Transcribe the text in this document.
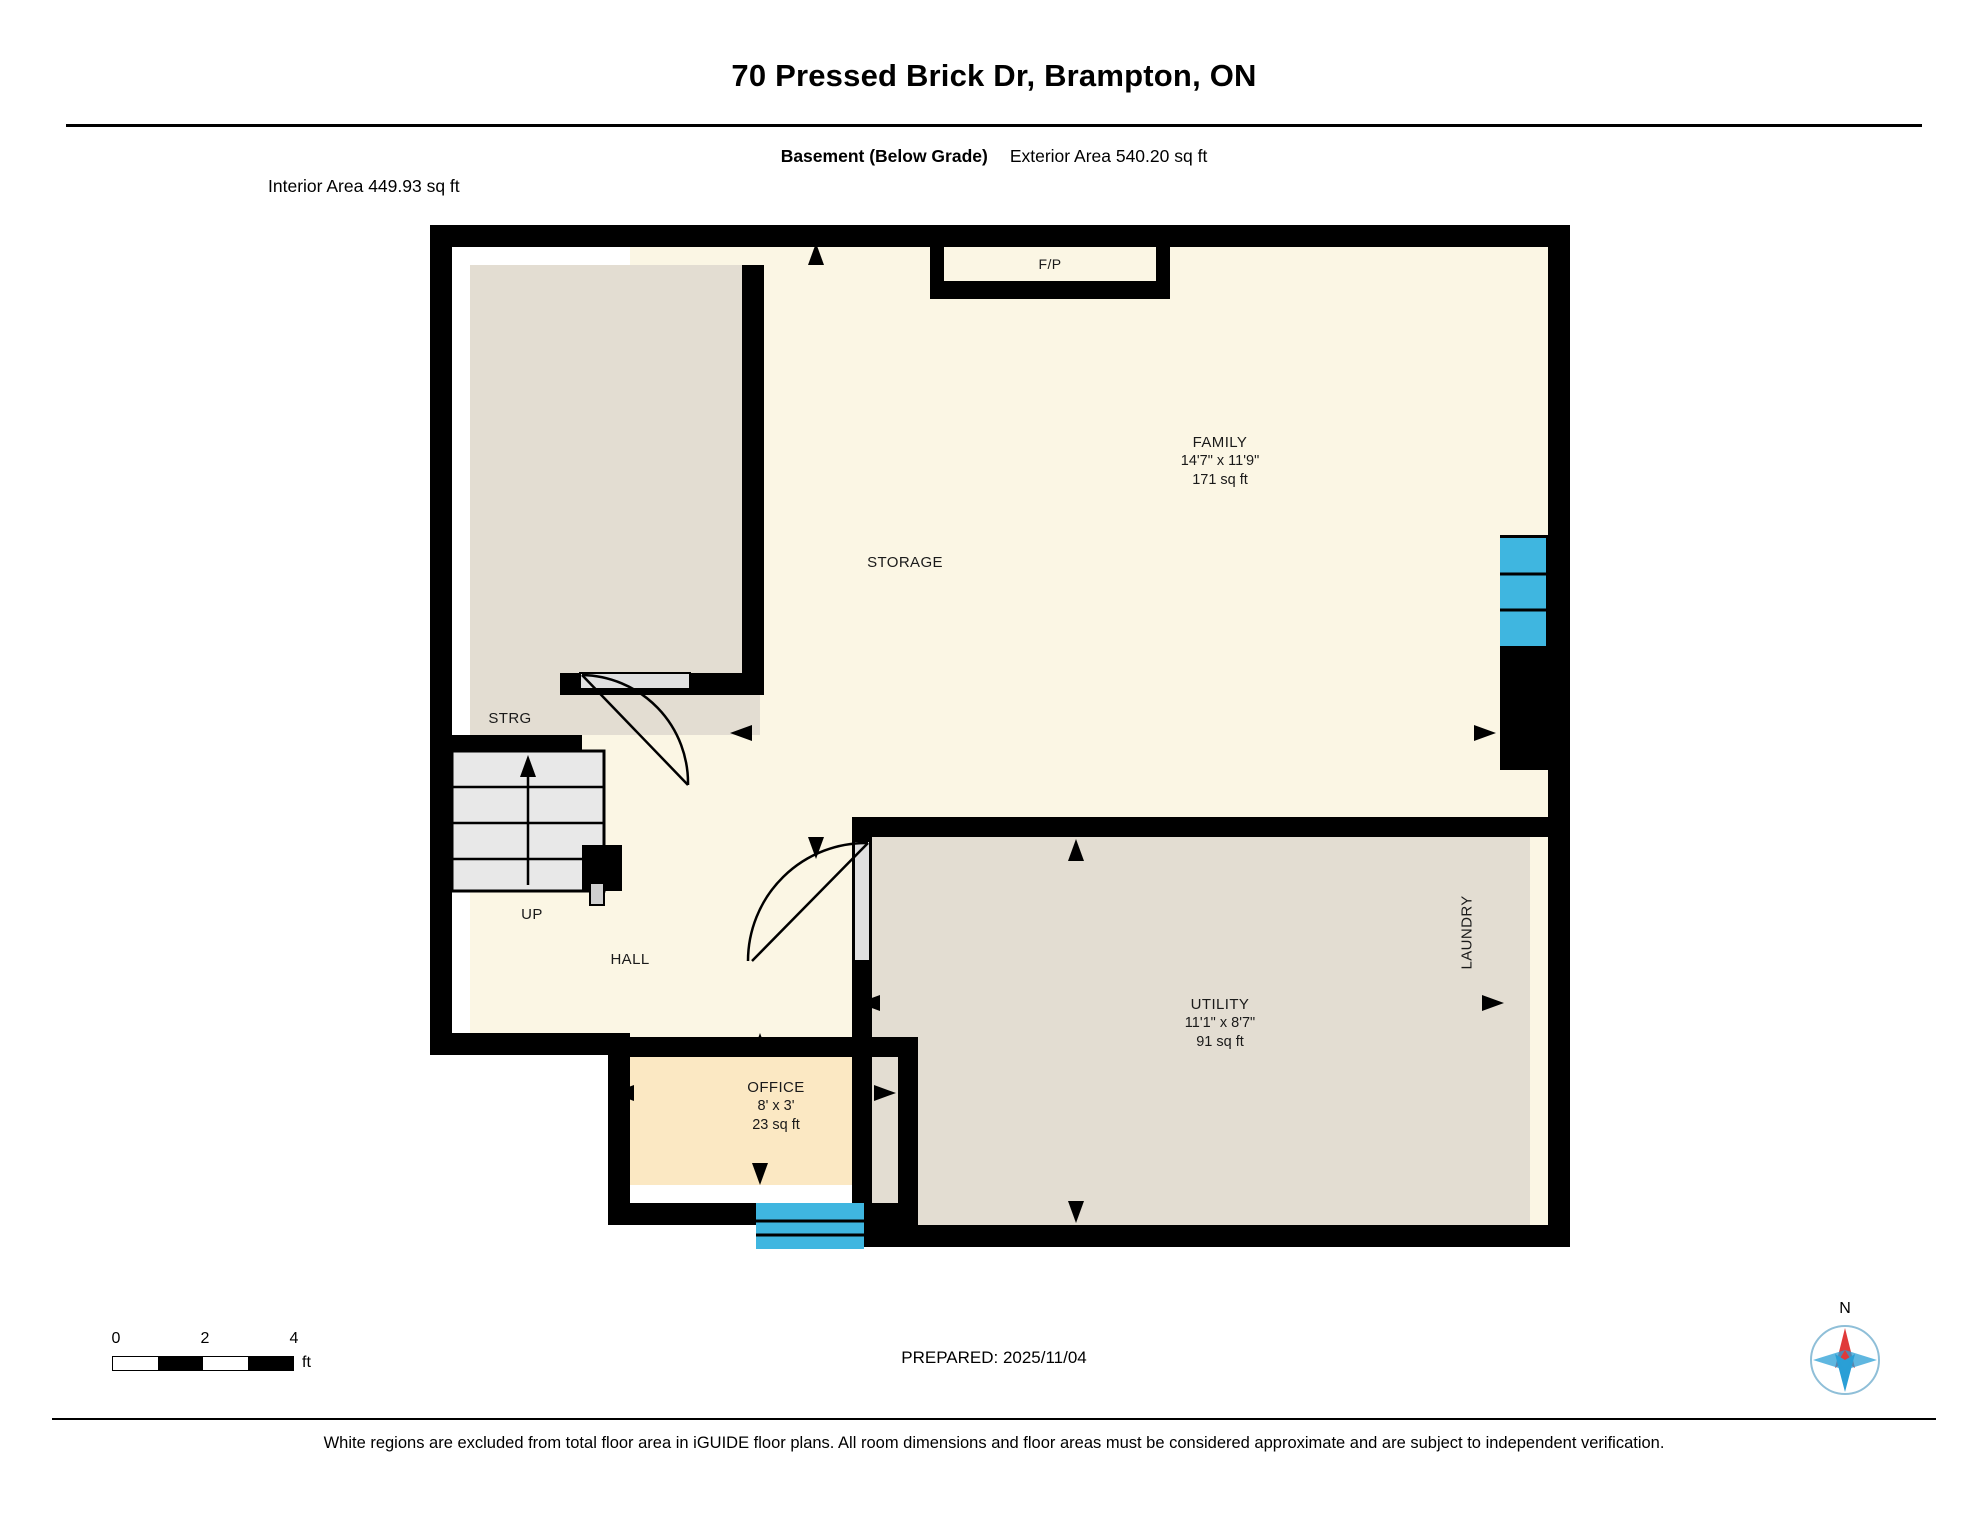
70 Pressed Brick Dr, Brampton, ON
Basement (Below Grade) Exterior Area 540.20 sq ft
Interior Area 449.93 sq ft
STORAGE
STRG
FAMILY
14'7" x 11'9"
171 sq ft
HALL
UTILITY
11'1" x 8'7"
91 sq ft
LAUNDRY
OFFICE
8' x 3'
23 sq ft
F/P
UP
0	2	4
ft	PREPARED: 2025/11/04
N
White regions are excluded from total floor area in iGUIDE floor plans. All room dimensions and floor areas must be considered approximate and are subject to independent verification.
